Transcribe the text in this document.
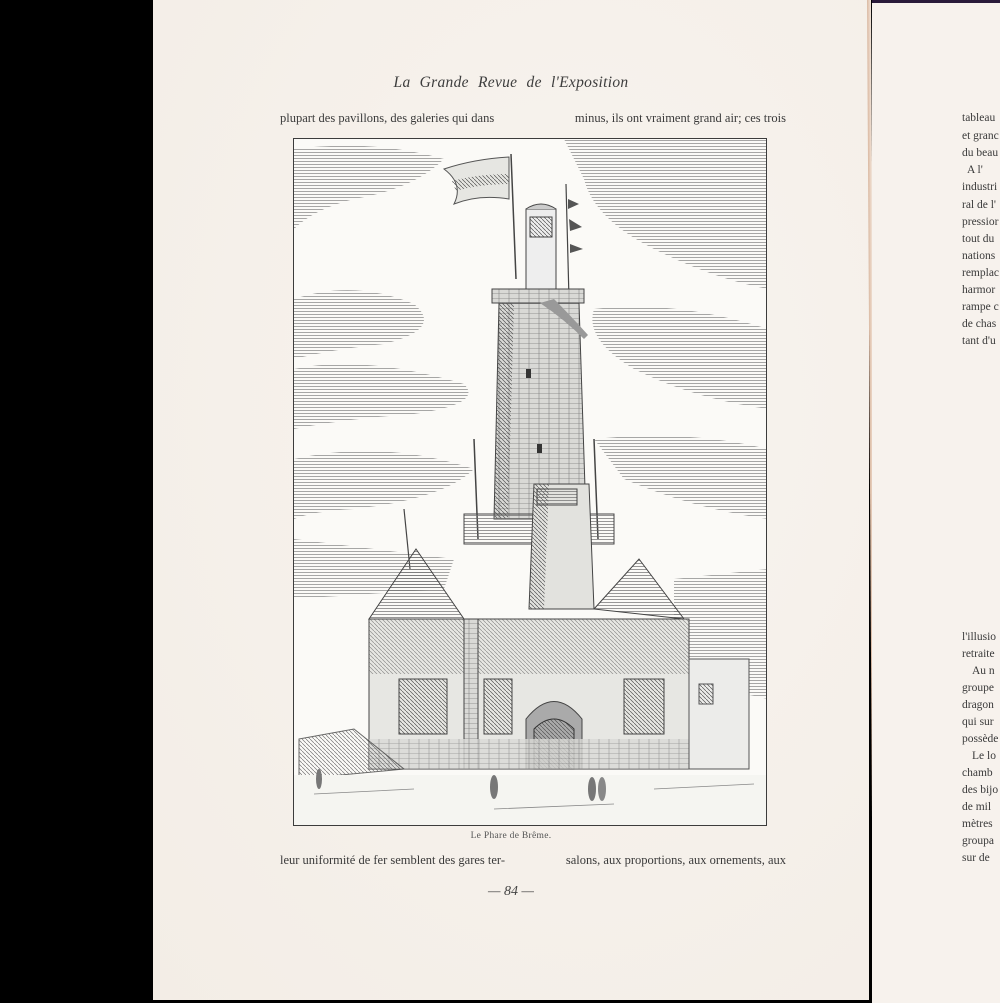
La Grande Revue de l'Exposition
plupart des pavillons, des galeries qui dans	minus, ils ont vraiment grand air; ces trois
Le Phare de Brême.
leur uniformité de fer semblent des gares ter-	salons, aux proportions, aux ornements, aux
— 84 —
tableau
et granc
du beau
A l'
industri
ral de l'
pressior
tout du
nations
remplac
harmor
rampe c
de chas
tant d'u
l'illusio
retraite
Au n
groupe
dragon
qui sur
possède
Le lo
chamb
des bijo
de mil
mètres
groupa
sur de
